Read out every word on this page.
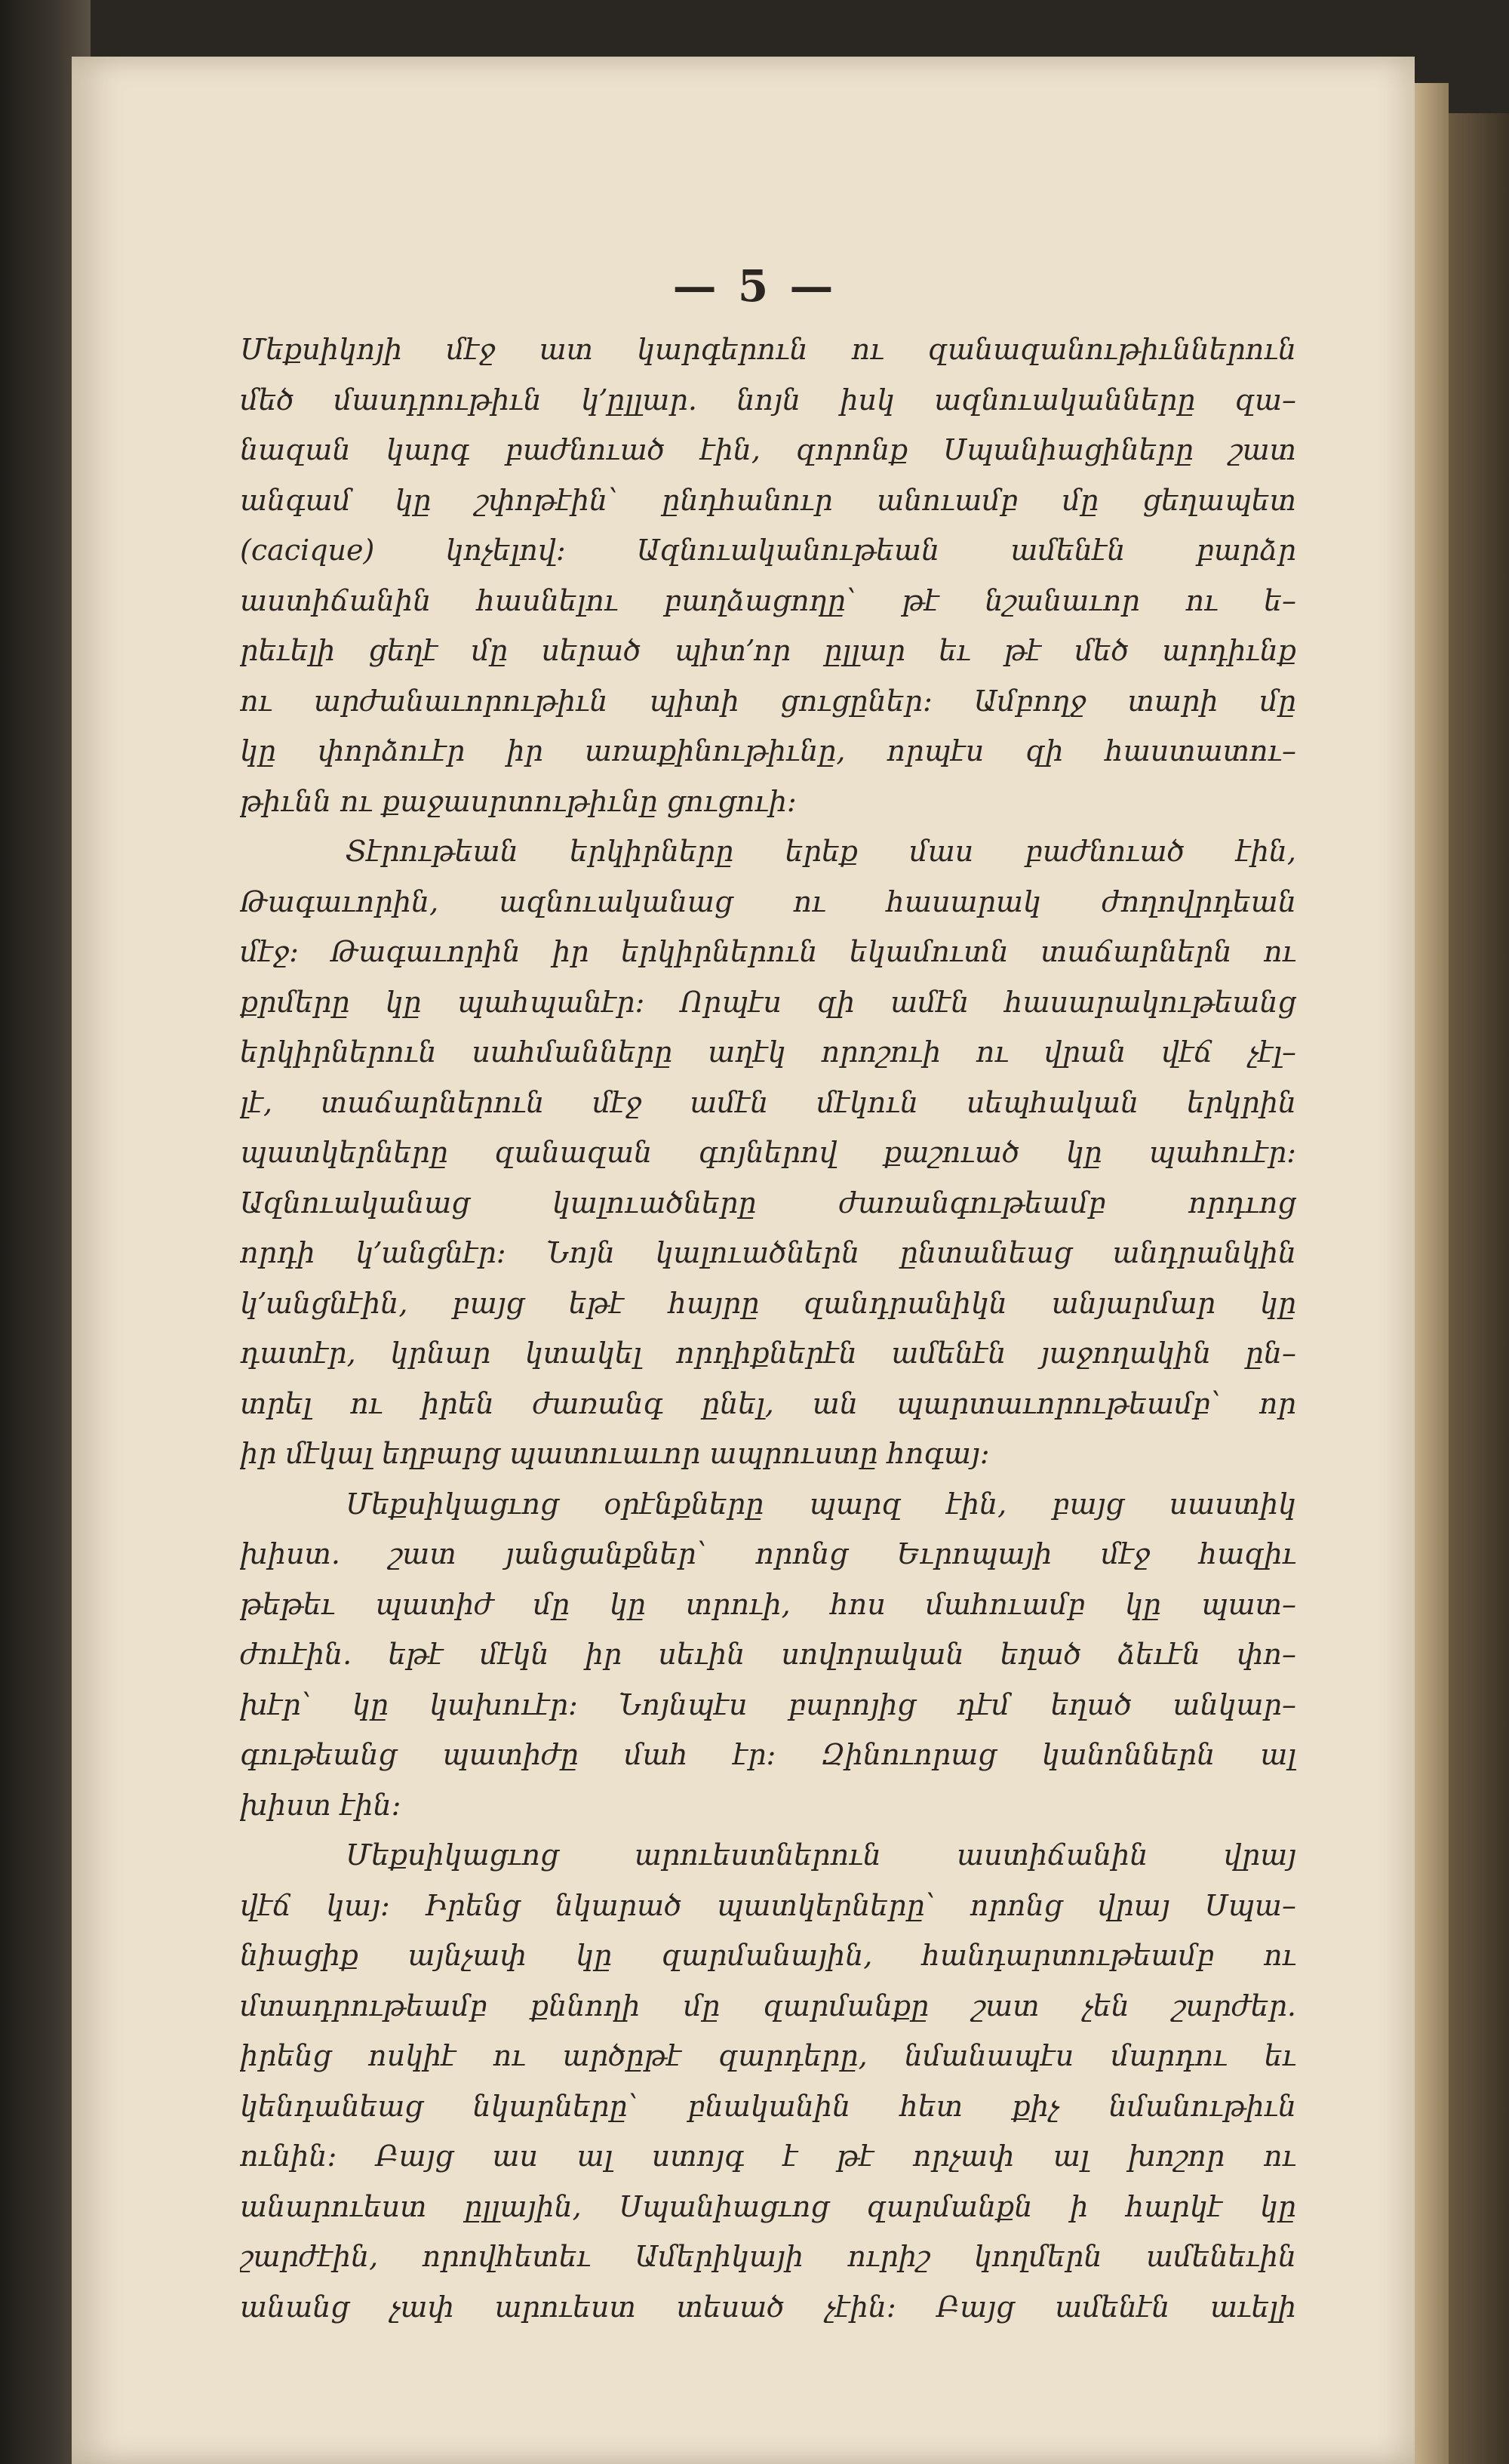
— 5 —
Մեքսիկոյի մէջ ատ կարգերուն ու զանազանութիւններուն
մեծ մասդրութիւն կ՚ըլլար. նոյն իսկ ազնուականները զա–
նազան կարգ բաժնուած էին, զորոնք Սպանիացիները շատ
անգամ կը շփոթէին՝ ընդհանուր անուամբ մը ցեղապետ
(cacique) կոչելով: Ազնուականութեան ամենէն բարձր
աստիճանին հասնելու բաղձացողը՝ թէ նշանաւոր ու ե–
րեւելի ցեղէ մը սերած պիտ՚որ ըլլար եւ թէ մեծ արդիւնք
ու արժանաւորութիւն պիտի ցուցըներ: Ամբողջ տարի մը
կը փորձուէր իր առաքինութիւնը, որպէս զի հաստատու–
թիւնն ու քաջասրտութիւնը ցուցուի:
Տէրութեան երկիրները երեք մաս բաժնուած էին,
Թագաւորին, ազնուականաց ու հասարակ ժողովրդեան
մէջ: Թագաւորին իր երկիրներուն եկամուտն տաճարներն ու
քրմերը կը պահպանէր: Որպէս զի ամէն հասարակութեանց
երկիրներուն սահմանները աղէկ որոշուի ու վրան վէճ չէլ–
լէ, տաճարներուն մէջ ամէն մէկուն սեպհական երկրին
պատկերները զանազան գոյներով քաշուած կը պահուէր:
Ազնուականաց կալուածները ժառանգութեամբ որդւոց
որդի կ՚անցնէր: Նոյն կալուածներն ընտանեաց անդրանկին
կ՚անցնէին, բայց եթէ հայրը զանդրանիկն անյարմար կը
դատէր, կրնար կտակել որդիքներէն ամենէն յաջողակին ըն–
տրել ու իրեն ժառանգ ընել, ան պարտաւորութեամբ՝ որ
իր մէկալ եղբարց պատուաւոր ապրուստը հոգայ:
Մեքսիկացւոց օրէնքները պարզ էին, բայց սաստիկ
խիստ. շատ յանցանքներ՝ որոնց Եւրոպայի մէջ հազիւ
թեթեւ պատիժ մը կը տրուի, հոս մահուամբ կը պատ–
ժուէին. եթէ մէկն իր սեւին սովորական եղած ձեւէն փո–
խէր՝ կը կախուէր: Նոյնպէս բարոյից դէմ եղած անկար–
գութեանց պատիժը մահ էր: Զինուորաց կանոններն ալ
խիստ էին:
Մեքսիկացւոց արուեստներուն աստիճանին վրայ
վէճ կայ: Իրենց նկարած պատկերները՝ որոնց վրայ Սպա–
նիացիք այնչափ կը զարմանային, հանդարտութեամբ ու
մտադրութեամբ քննողի մը զարմանքը շատ չեն շարժեր.
իրենց ոսկիէ ու արծըթէ զարդերը, նմանապէս մարդու եւ
կենդանեաց նկարները՝ բնականին հետ քիչ նմանութիւն
ունին: Բայց աս ալ ստոյգ է թէ որչափ ալ խոշոր ու
անարուեստ ըլլային, Սպանիացւոց զարմանքն ի հարկէ կը
շարժէին, որովհետեւ Ամերիկայի ուրիշ կողմերն ամենեւին
անանց չափ արուեստ տեսած չէին: Բայց ամենէն աւելի
